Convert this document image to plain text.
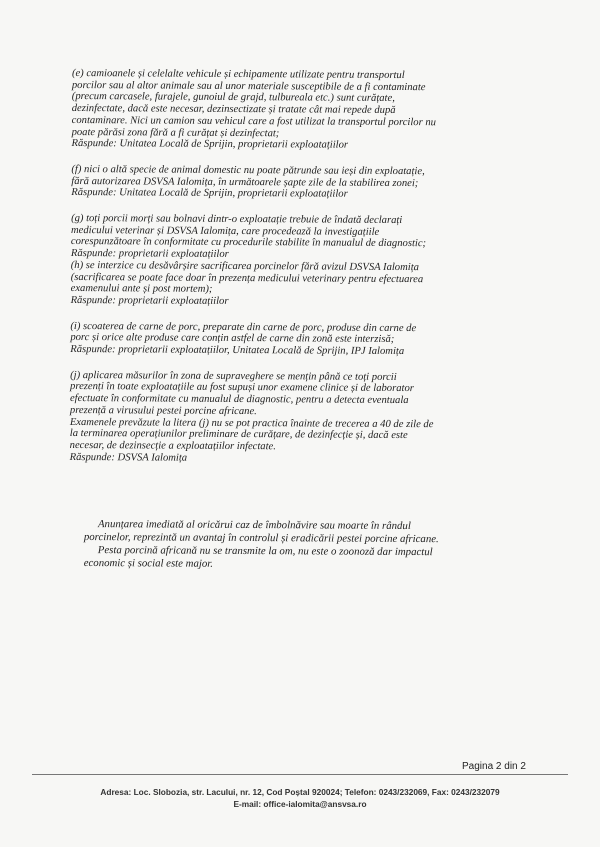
(e) camioanele și celelalte vehicule și echipamente utilizate pentru transportul
porcilor sau al altor animale sau al unor materiale susceptibile de a fi contaminate
(precum carcasele, furajele, gunoiul de grajd, tulbureala etc.) sunt curățate,
dezinfectate, dacă este necesar, dezinsectizate și tratate cât mai repede după
contaminare. Nici un camion sau vehicul care a fost utilizat la transportul porcilor nu
poate părăsi zona fără a fi curățat și dezinfectat;
Răspunde: Unitatea Locală de Sprijin, proprietarii exploatațiilor

(f) nici o altă specie de animal domestic nu poate pătrunde sau ieși din exploatație,
fără autorizarea DSVSA Ialomița, în următoarele șapte zile de la stabilirea zonei;
Răspunde: Unitatea Locală de Sprijin, proprietarii exploatațiilor

(g) toți porcii morți sau bolnavi dintr-o exploatație trebuie de îndată declarați
medicului veterinar și DSVSA Ialomița, care procedează la investigațiile
corespunzătoare în conformitate cu procedurile stabilite în manualul de diagnostic;
Răspunde: proprietarii exploatațiilor

(h) se interzice cu desăvârșire sacrificarea porcinelor fără avizul DSVSA Ialomița
(sacrificarea se poate face doar în prezența medicului veterinary pentru efectuarea
examenului ante și post mortem);
Răspunde: proprietarii exploatațiilor

(i) scoaterea de carne de porc, preparate din carne de porc, produse din carne de
porc și orice alte produse care conțin astfel de carne din zonă este interzisă;
Răspunde: proprietarii exploatațiilor, Unitatea Locală de Sprijin, IPJ Ialomița

(j) aplicarea măsurilor în zona de supraveghere se mențin până ce toți porcii
prezenți în toate exploatațiile au fost supuși unor examene clinice și de laborator
efectuate în conformitate cu manualul de diagnostic, pentru a detecta eventuala
prezență a virusului pestei porcine africane.
Examenele prevăzute la litera (j) nu se pot practica înainte de trecerea a 40 de zile de
la terminarea operațiunilor preliminare de curățare, de dezinfecție și, dacă este
necesar, de dezinsecție a exploatațiilor infectate.
Răspunde: DSVSA Ialomița

Anunțarea imediată al oricărui caz de îmbolnăvire sau moarte în rândul
porcinelor, reprezintă un avantaj în controlul și eradicării pestei porcine africane.
Pesta porcină africană nu se transmite la om, nu este o zoonoză dar impactul
economic și social este major.
Pagina 2 din 2
Adresa: Loc. Slobozia, str. Lacului, nr. 12, Cod Poștal 920024; Telefon: 0243/232069, Fax: 0243/232079
E-mail: office-ialomita@ansvsa.ro
